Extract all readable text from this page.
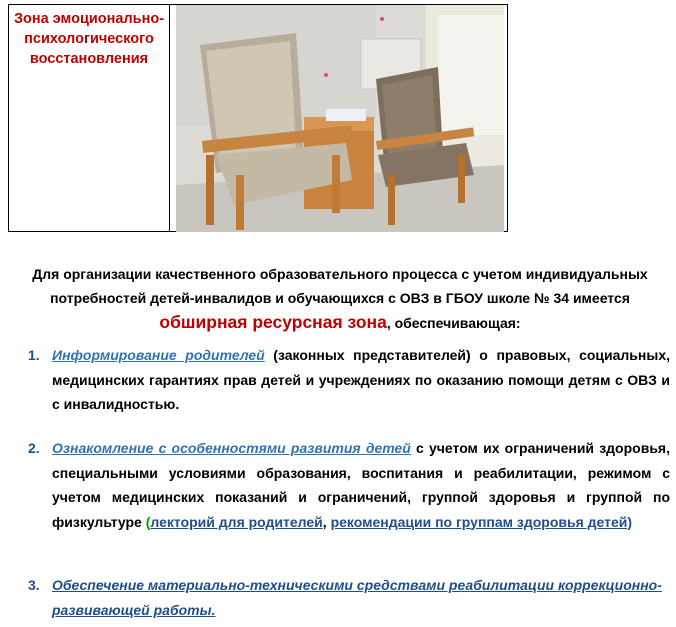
Зона эмоционально-психологического восстановления
Для организации качественного образовательного процесса с учетом индивидуальных потребностей детей-инвалидов и обучающихся с ОВЗ в ГБОУ школе № 34 имеется
обширная ресурсная зона, обеспечивающая:
1. Информирование родителей (законных представителей) о правовых, социальных, медицинских гарантиях прав детей и учреждениях по оказанию помощи детям с ОВЗ и с инвалидностью.
2. Ознакомление с особенностями развития детей с учетом их ограничений здоровья, специальными условиями образования, воспитания и реабилитации, режимом с учетом медицинских показаний и ограничений, группой здоровья и группой по физкультуре (лекторий для родителей, рекомендации по группам здоровья детей)
3. Обеспечение материально-техническими средствами реабилитации коррекционно-развивающей работы.
